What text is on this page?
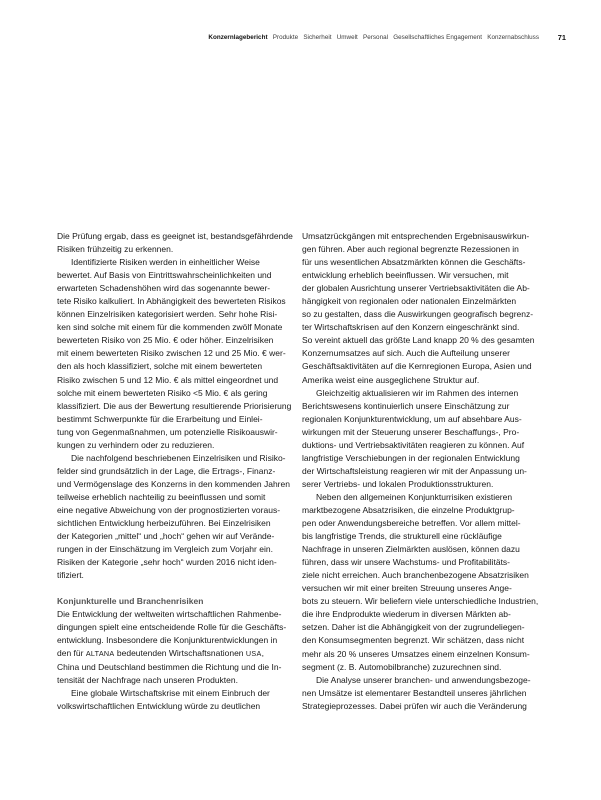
Konzernlagebericht Produkte Sicherheit Umwelt Personal Gesellschaftliches Engagement Konzernabschluss	71

Die Prüfung ergab, dass es geeignet ist, bestandsgefährdende

Risiken frühzeitig zu erkennen.

Identifizierte Risiken werden in einheitlicher Weise

bewertet. Auf Basis von Eintrittswahrscheinlichkeiten und

erwarteten Schadenshöhen wird das sogenannte bewer-

tete Risiko kalkuliert. In Abhängigkeit des bewerteten Risikos

können Einzelrisiken kategorisiert werden. Sehr hohe Risi-

ken sind solche mit einem für die kommenden zwölf Monate

bewerteten Risiko von 25 Mio. € oder höher. Einzelrisiken

mit einem bewerteten Risiko zwischen 12 und 25 Mio. € wer-

den als hoch klassifiziert, solche mit einem bewerteten

Risiko zwischen 5 und 12 Mio. € als mittel eingeordnet und

solche mit einem bewerteten Risiko <5 Mio. € als gering

klassifiziert. Die aus der Bewertung resultierende Priorisierung

bestimmt Schwerpunkte für die Erarbeitung und Einlei-

tung von Gegenmaßnahmen, um potenzielle Risikoauswir-

kungen zu verhindern oder zu reduzieren.

Die nachfolgend beschriebenen Einzelrisiken und Risiko-

felder sind grundsätzlich in der Lage, die Ertrags-, Finanz-

und Vermögenslage des Konzerns in den kommenden Jahren

teilweise erheblich nachteilig zu beeinflussen und somit

eine negative Abweichung von der prognostizierten voraus-

sichtlichen Entwicklung herbeizuführen. Bei Einzelrisiken

der Kategorien „mittel“ und „hoch“ gehen wir auf Verände-

rungen in der Einschätzung im Vergleich zum Vorjahr ein.

Risiken der Kategorie „sehr hoch“ wurden 2016 nicht iden-

tifiziert.

Konjunkturelle und Branchenrisiken

Die Entwicklung der weltweiten wirtschaftlichen Rahmenbe-

dingungen spielt eine entscheidende Rolle für die Geschäfts-

entwicklung. Insbesondere die Konjunkturentwicklungen in

den für ALTANA bedeutenden Wirtschaftsnationen USA,

China und Deutschland bestimmen die Richtung und die In-

tensität der Nachfrage nach unseren Produkten.

Eine globale Wirtschaftskrise mit einem Einbruch der

volkswirtschaftlichen Entwicklung würde zu deutlichen

Umsatzrückgängen mit entsprechenden Ergebnisauswirkun-

gen führen. Aber auch regional begrenzte Rezessionen in

für uns wesentlichen Absatzmärkten können die Geschäfts-

entwicklung erheblich beeinflussen. Wir versuchen, mit

der globalen Ausrichtung unserer Vertriebsaktivitäten die Ab-

hängigkeit von regionalen oder nationalen Einzelmärkten

so zu gestalten, dass die Auswirkungen geografisch begrenz-

ter Wirtschaftskrisen auf den Konzern eingeschränkt sind.

So vereint aktuell das größte Land knapp 20 % des gesamten

Konzernumsatzes auf sich. Auch die Aufteilung unserer

Geschäftsaktivitäten auf die Kernregionen Europa, Asien und

Amerika weist eine ausgeglichene Struktur auf.

Gleichzeitig aktualisieren wir im Rahmen des internen

Berichtswesens kontinuierlich unsere Einschätzung zur

regionalen Konjunkturentwicklung, um auf absehbare Aus-

wirkungen mit der Steuerung unserer Beschaffungs-, Pro-

duktions- und Vertriebsaktivitäten reagieren zu können. Auf

langfristige Verschiebungen in der regionalen Entwicklung

der Wirtschaftsleistung reagieren wir mit der Anpassung un-

serer Vertriebs- und lokalen Produktionsstrukturen.

Neben den allgemeinen Konjunkturrisiken existieren

marktbezogene Absatzrisiken, die einzelne Produktgrup-

pen oder Anwendungsbereiche betreffen. Vor allem mittel-

bis langfristige Trends, die strukturell eine rückläufige

Nachfrage in unseren Zielmärkten auslösen, können dazu

führen, dass wir unsere Wachstums- und Profitabilitäts-

ziele nicht erreichen. Auch branchenbezogene Absatzrisiken

versuchen wir mit einer breiten Streuung unseres Ange-

bots zu steuern. Wir beliefern viele unterschiedliche Industrien,

die ihre Endprodukte wiederum in diversen Märkten ab-

setzen. Daher ist die Abhängigkeit von der zugrundeliegen-

den Konsumsegmenten begrenzt. Wir schätzen, dass nicht

mehr als 20 % unseres Umsatzes einem einzelnen Konsum-

segment (z. B. Automobilbranche) zuzurechnen sind.

Die Analyse unserer branchen- und anwendungsbezoge-

nen Umsätze ist elementarer Bestandteil unseres jährlichen

Strategieprozesses. Dabei prüfen wir auch die Veränderung
